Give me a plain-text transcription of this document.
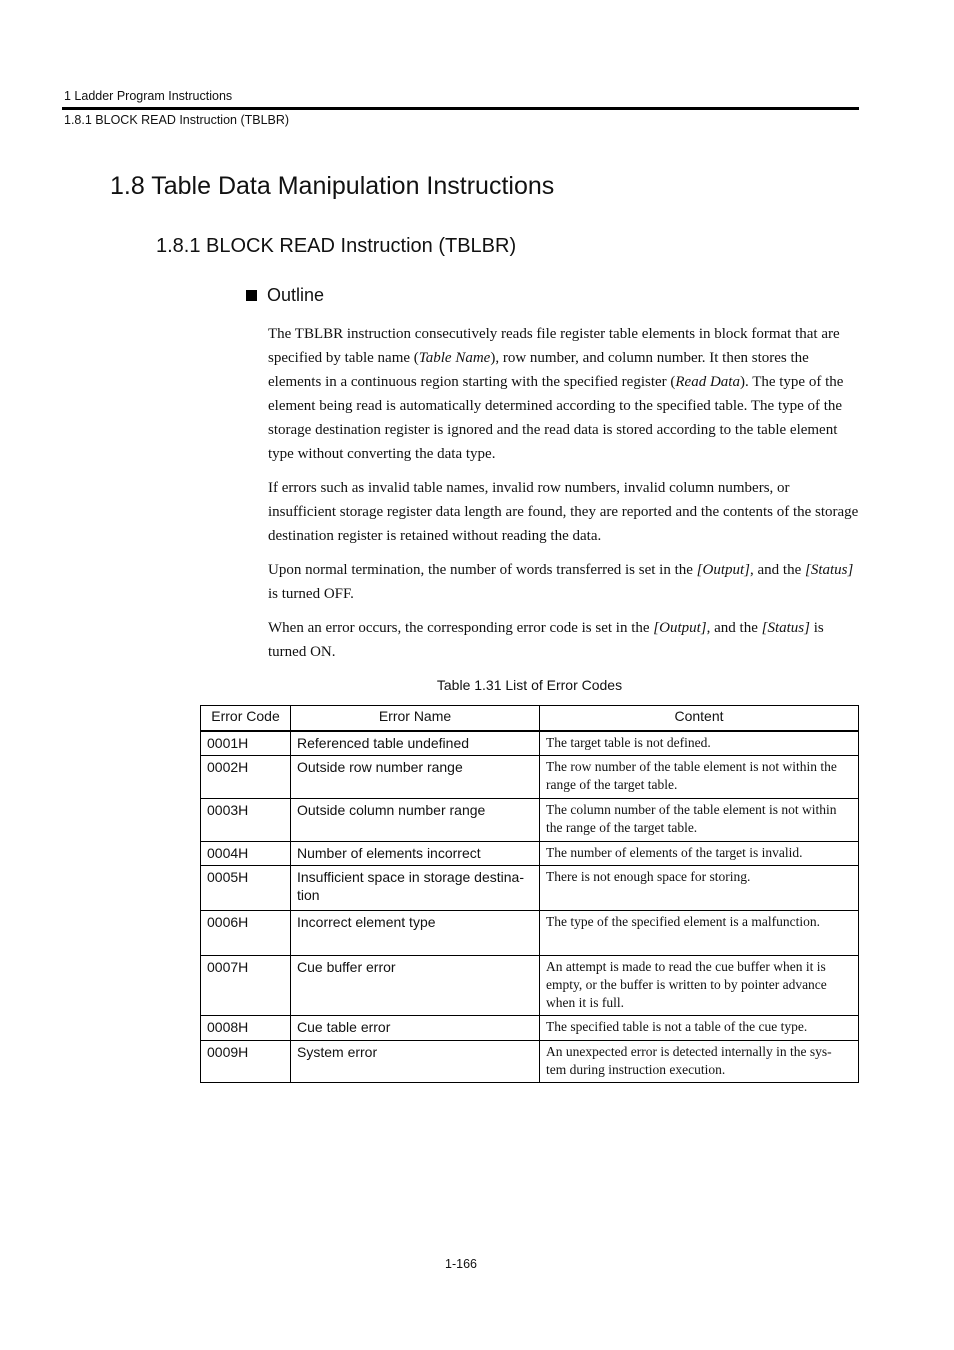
1 Ladder Program Instructions
1.8.1 BLOCK READ Instruction (TBLBR)
1.8 Table Data Manipulation Instructions
1.8.1 BLOCK READ Instruction (TBLBR)
Outline

The TBLBR instruction consecutively reads file register table elements in block format that are specified by table name (Table Name), row number, and column number. It then stores the elements in a continuous region starting with the specified register (Read Data). The type of the element being read is automatically determined according to the specified table. The type of the storage destination register is ignored and the read data is stored according to the table element type without converting the data type.

If errors such as invalid table names, invalid row numbers, invalid column numbers, or insufficient storage register data length are found, they are reported and the contents of the storage destination register is retained without reading the data.

Upon normal termination, the number of words transferred is set in the [Output], and the [Status] is turned OFF.

When an error occurs, the corresponding error code is set in the [Output], and the [Status] is turned ON.

Table 1.31 List of Error Codes
Error Code	Error Name	Content
0001H	Referenced table undefined	The target table is not defined.
0002H	Outside row number range	The row number of the table element is not within the range of the target table.
0003H	Outside column number range	The column number of the table element is not within the range of the target table.
0004H	Number of elements incorrect	The number of elements of the target is invalid.
0005H	Insufficient space in storage destina- tion	There is not enough space for storing.
0006H	Incorrect element type	The type of the specified element is a malfunction.
0007H	Cue buffer error	An attempt is made to read the cue buffer when it is empty, or the buffer is written to by pointer advance when it is full.
0008H	Cue table error	The specified table is not a table of the cue type.
0009H	System error	An unexpected error is detected internally in the sys- tem during instruction execution.
1-166
